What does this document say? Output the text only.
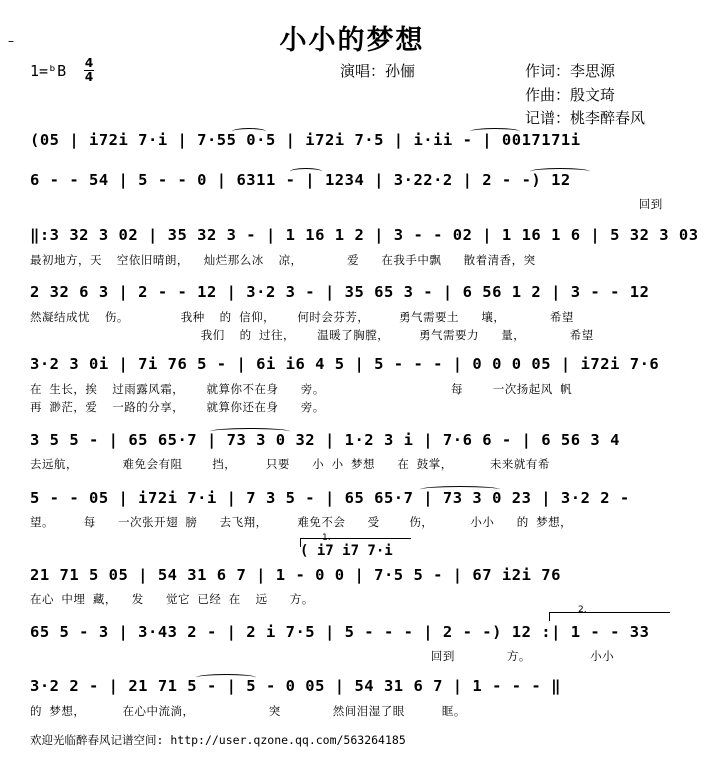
–	小小的梦想
1=ᵇB 4
4	演唱：孙俪	作词：李思源
作曲：殷文琦
记谱：桃李醉春风
(05 | i72i 7·i | 7·55 0·5 | i72i 7·5 | i·ii - | 0017171i
6 - - 54 | 5 - - 0 | 6311 - | 1234 | 3·22·2 | 2 - -) 12
回到
‖:3 32 3 02 | 35 32 3 - | 1 16 1 2 | 3 - - 02 | 1 16 1 6 | 5 32 3 03
最初地方，天  空依旧晴朗，  灿烂那么冰  凉，      爱   在我手中飘   散着清香，突
2 32 6 3 | 2 - - 12 | 3·2 3 - | 35 65 3 - | 6 56 1 2 | 3 - - 12
然凝结成忧  伤。       我种  的 信仰，   何时会芬芳，    勇气需要土   壤，      希望
我们  的 过往，   温暖了胸膛，    勇气需要力   量，      希望
3·2 3 0i | 7i 76 5 - | 6i i6 4 5 | 5 - - - | 0 0 0 05 | i72i 7·6
在 生长，挨  过雨露风霜，   就算你不在身   旁。                 每    一次扬起风 帆
再 渺茫，爱  一路的分享，   就算你还在身   旁。
3 5 5 - | 65 65·7 | 73 3 0 32 | 1·2 3 i | 7·6 6 - | 6 56 3 4
去远航，      难免会有阻    挡，    只要   小 小 梦想   在 鼓掌，     未来就有希
5 - - 05 | i72i 7·i | 7 3 5 - | 65 65·7 | 73 3 0 23 | 3·2 2 -
望。    每   一次张开翅 膀   去飞翔，    难免不会   受    伤，     小小   的 梦想，
1.
( i7 i7 7·i
21 71 5 05 | 54 31 6 7 | 1 - 0 0 | 7·5 5 - | 67 i2i 76
在心 中埋 藏，  发   觉它 已经 在  远   方。
2.
65 5 - 3 | 3·43 2 - | 2 i 7·5 | 5 - - - | 2 - -) 12 :| 1 - - 33
回到       方。        小小
3·2 2 - | 21 71 5 - | 5 - 0 05 | 54 31 6 7 | 1 - - - ‖
的 梦想，     在心中流淌，          突       然间泪湿了眼     眶。
欢迎光临醉春风记谱空间: http://user.qzone.qq.com/563264185
